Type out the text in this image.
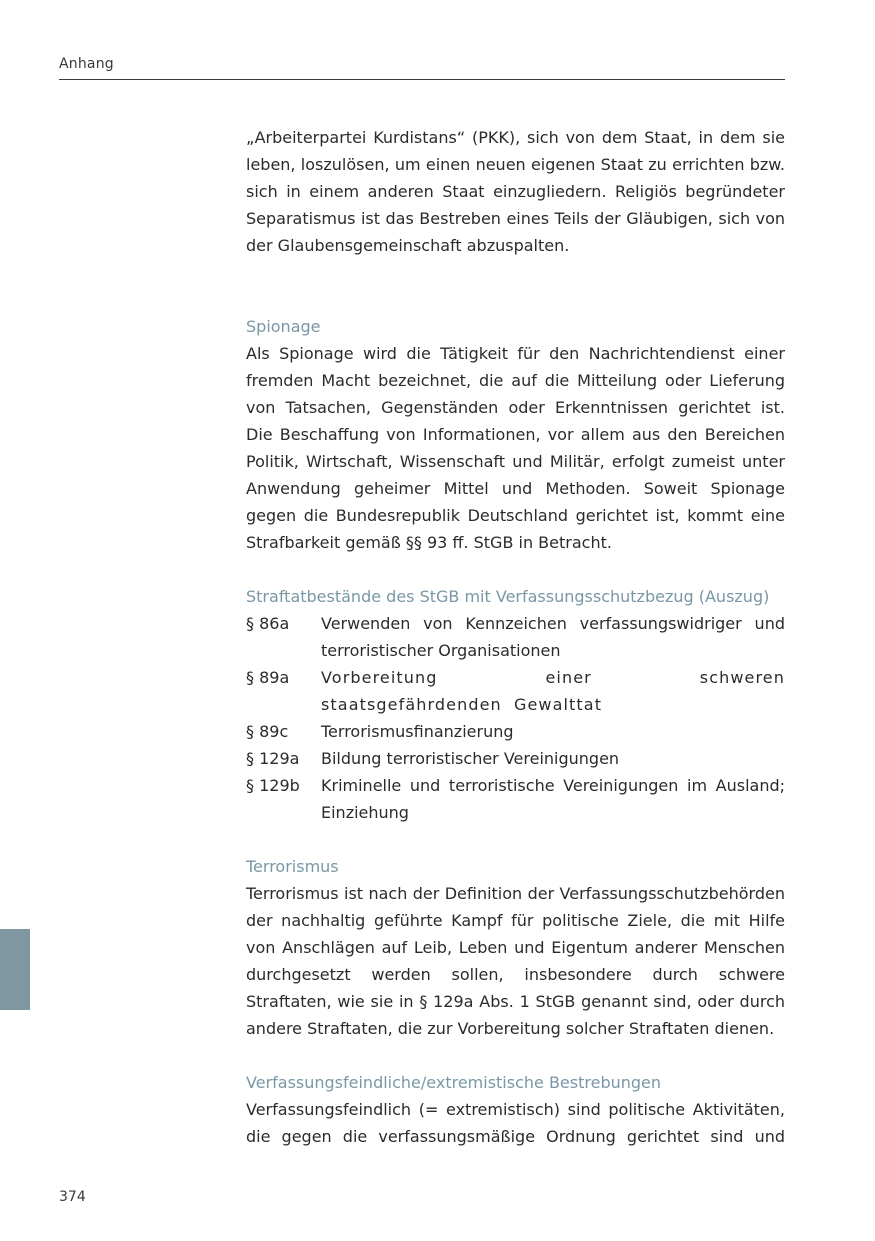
Anhang

„Arbeiterpartei Kurdistans“ (PKK), sich von dem Staat, in dem sie leben, loszulösen, um einen neuen eigenen Staat zu errichten bzw. sich in einem anderen Staat einzugliedern. Religiös begründeter Separatismus ist das Bestreben eines Teils der Gläubigen, sich von der Glaubensgemeinschaft abzuspalten.

Spionage

Als Spionage wird die Tätigkeit für den Nachrichtendienst einer fremden Macht bezeichnet, die auf die Mitteilung oder Lieferung von Tatsachen, Gegenständen oder Erkenntnissen gerichtet ist. Die Beschaffung von Informationen, vor allem aus den Bereichen Politik, Wirtschaft, Wissenschaft und Militär, erfolgt zumeist unter Anwendung geheimer Mittel und Methoden. Soweit Spionage gegen die Bundesrepublik Deutschland gerichtet ist, kommt eine Strafbarkeit gemäß §§ 93 ff. StGB in Betracht.

Straftatbestände des StGB mit Verfassungsschutzbezug (Auszug)
§ 86a	Verwenden von Kennzeichen verfassungswidriger und terroristischer Organisationen
§ 89a	Vorbereitung einer schweren staatsgefährdenden Gewalttat
§ 89c	Terrorismusfinanzierung
§ 129a	Bildung terroristischer Vereinigungen
§ 129b	Kriminelle und terroristische Vereinigungen im Ausland; Einziehung
Terrorismus

Terrorismus ist nach der Definition der Verfassungsschutzbehörden der nachhaltig geführte Kampf für politische Ziele, die mit Hilfe von Anschlägen auf Leib, Leben und Eigentum anderer Menschen durchgesetzt werden sollen, insbesondere durch schwere Straftaten, wie sie in § 129a Abs. 1 StGB genannt sind, oder durch andere Straftaten, die zur Vorbereitung solcher Straftaten dienen.

Verfassungsfeindliche/extremistische Bestrebungen

Verfassungsfeindlich (= extremistisch) sind politische Aktivitäten, die gegen die verfassungsmäßige Ordnung gerichtet sind und

374
